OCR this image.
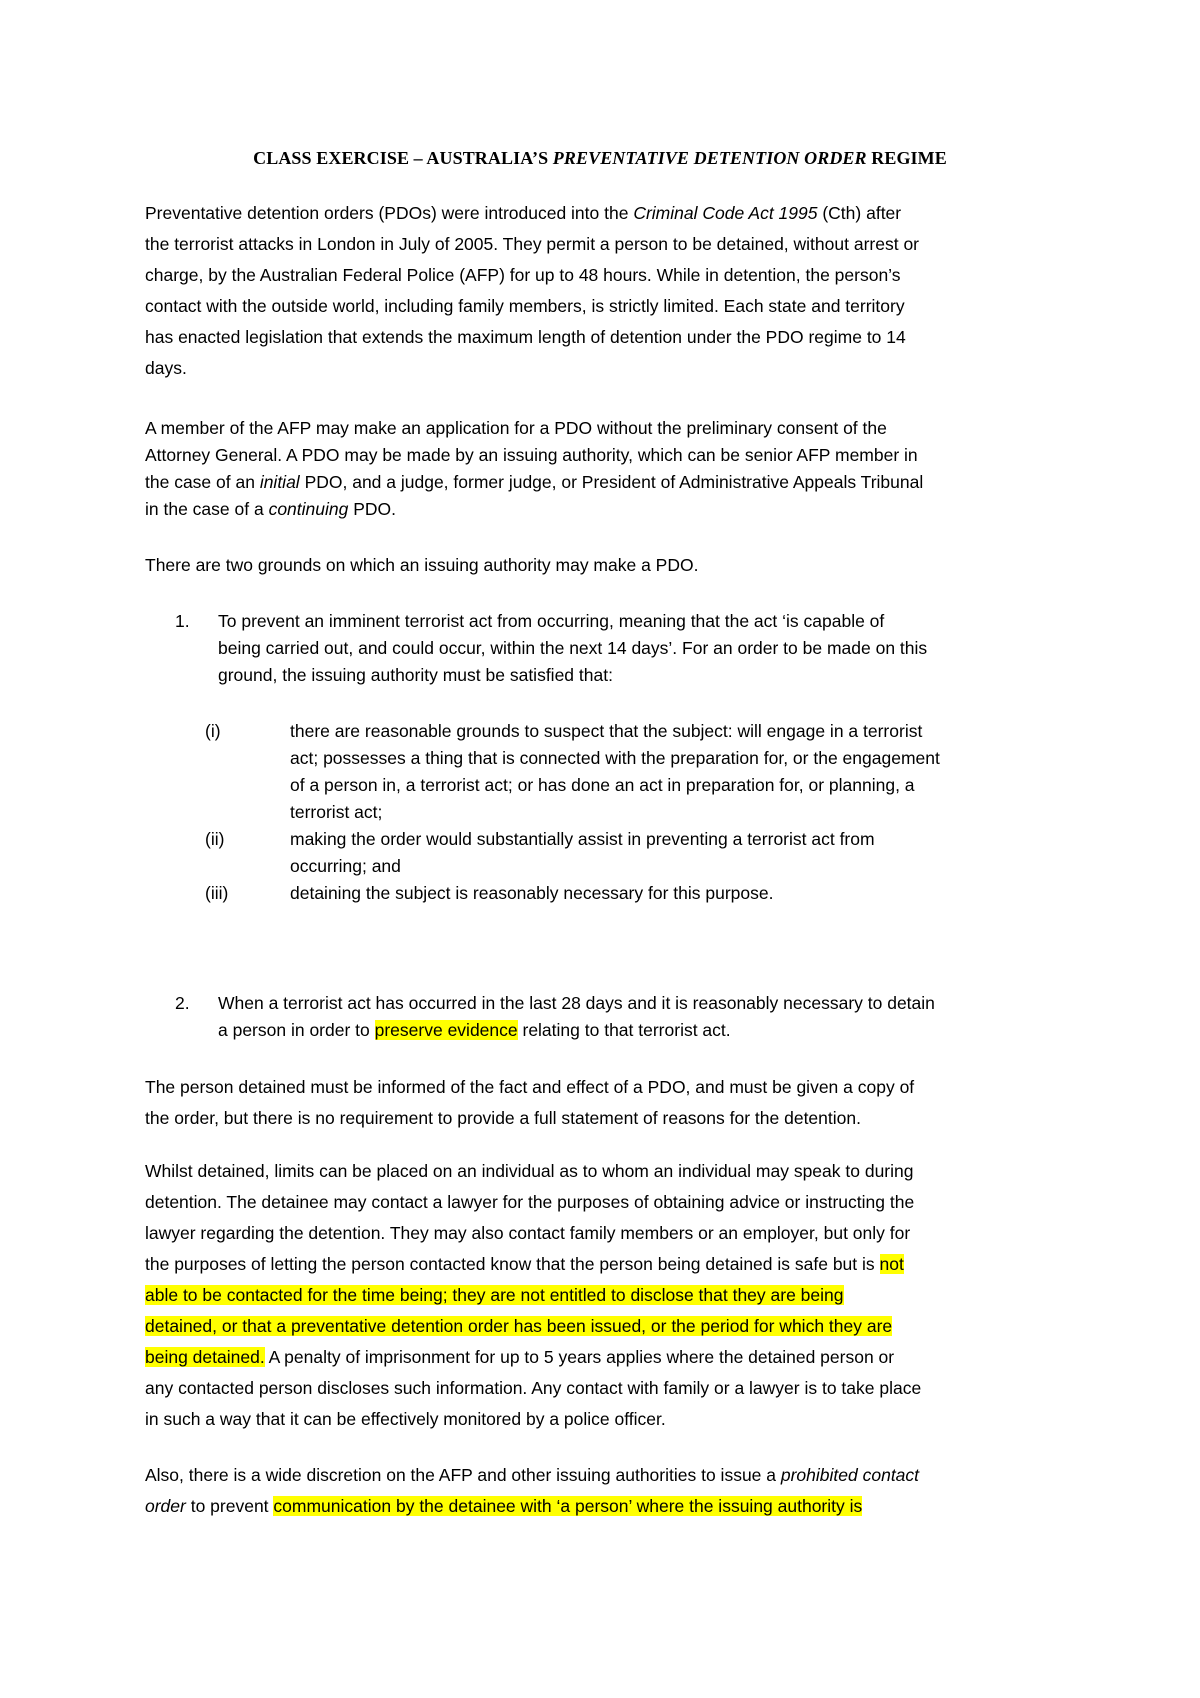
CLASS EXERCISE – AUSTRALIA’S PREVENTATIVE DETENTION ORDER REGIME
Preventative detention orders (PDOs) were introduced into the Criminal Code Act 1995 (Cth) after
the terrorist attacks in London in July of 2005. They permit a person to be detained, without arrest or
charge, by the Australian Federal Police (AFP) for up to 48 hours. While in detention, the person’s
contact with the outside world, including family members, is strictly limited. Each state and territory
has enacted legislation that extends the maximum length of detention under the PDO regime to 14
days.
A member of the AFP may make an application for a PDO without the preliminary consent of the
Attorney General. A PDO may be made by an issuing authority, which can be senior AFP member in
the case of an initial PDO, and a judge, former judge, or President of Administrative Appeals Tribunal
in the case of a continuing PDO.
There are two grounds on which an issuing authority may make a PDO.
1. To prevent an imminent terrorist act from occurring, meaning that the act ‘is capable of
being carried out, and could occur, within the next 14 days’. For an order to be made on this
ground, the issuing authority must be satisfied that:
(i)	there are reasonable grounds to suspect that the subject: will engage in a terrorist
act; possesses a thing that is connected with the preparation for, or the engagement
of a person in, a terrorist act; or has done an act in preparation for, or planning, a
terrorist act;
(ii)	making the order would substantially assist in preventing a terrorist act from
occurring; and
(iii)	detaining the subject is reasonably necessary for this purpose.
2. When a terrorist act has occurred in the last 28 days and it is reasonably necessary to detain
a person in order to preserve evidence relating to that terrorist act.
The person detained must be informed of the fact and effect of a PDO, and must be given a copy of
the order, but there is no requirement to provide a full statement of reasons for the detention.
Whilst detained, limits can be placed on an individual as to whom an individual may speak to during
detention. The detainee may contact a lawyer for the purposes of obtaining advice or instructing the
lawyer regarding the detention. They may also contact family members or an employer, but only for
the purposes of letting the person contacted know that the person being detained is safe but is not
able to be contacted for the time being; they are not entitled to disclose that they are being
detained, or that a preventative detention order has been issued, or the period for which they are
being detained. A penalty of imprisonment for up to 5 years applies where the detained person or
any contacted person discloses such information. Any contact with family or a lawyer is to take place
in such a way that it can be effectively monitored by a police officer.
Also, there is a wide discretion on the AFP and other issuing authorities to issue a prohibited contact
order to prevent communication by the detainee with ‘a person’ where the issuing authority is
